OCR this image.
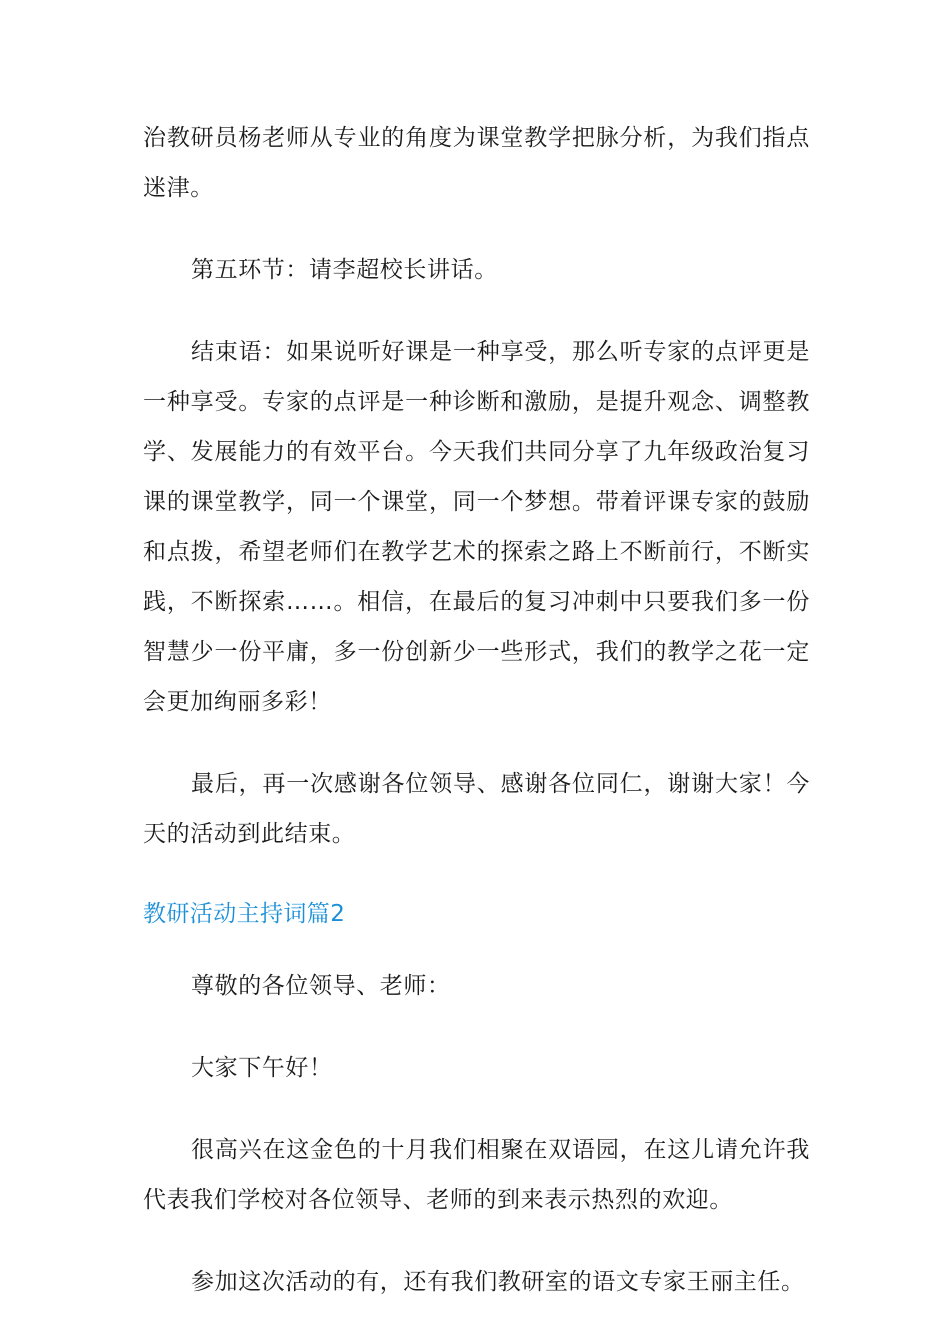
治教研员杨老师从专业的角度为课堂教学把脉分析，为我们指点迷津。

第五环节：请李超校长讲话。

结束语：如果说听好课是一种享受，那么听专家的点评更是一种享受。专家的点评是一种诊断和激励，是提升观念、调整教学、发展能力的有效平台。今天我们共同分享了九年级政治复习课的课堂教学，同一个课堂，同一个梦想。带着评课专家的鼓励和点拨，希望老师们在教学艺术的探索之路上不断前行，不断实践，不断探索……。相信，在最后的复习冲刺中只要我们多一份智慧少一份平庸，多一份创新少一些形式，我们的教学之花一定会更加绚丽多彩！

最后，再一次感谢各位领导、感谢各位同仁，谢谢大家！今天的活动到此结束。

教研活动主持词篇2

尊敬的各位领导、老师：

大家下午好！

很高兴在这金色的十月我们相聚在双语园，在这儿请允许我代表我们学校对各位领导、老师的到来表示热烈的欢迎。

参加这次活动的有，还有我们教研室的语文专家王丽主任。
